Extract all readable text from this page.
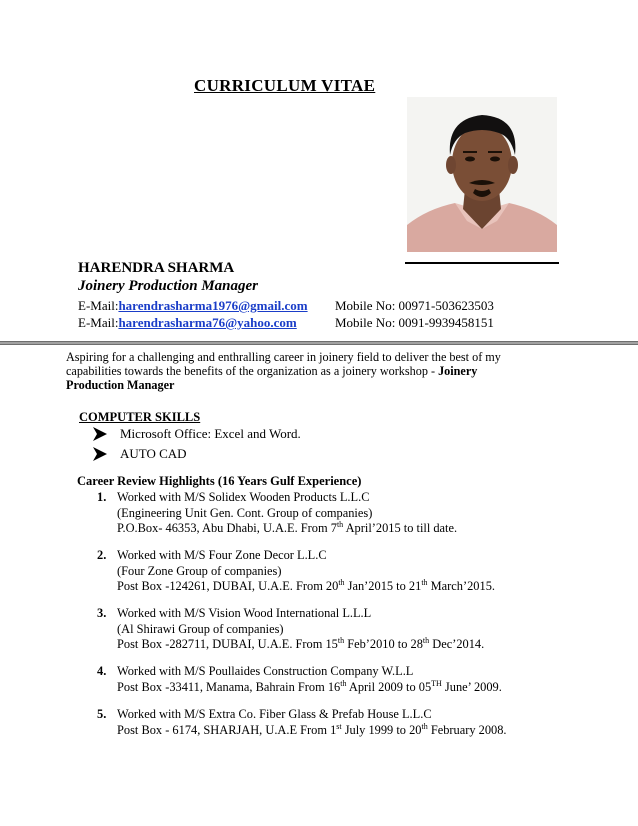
CURRICULUM VITAE
HARENDRA SHARMA
Joinery Production Manager
E-Mail:harendrasharma1976@gmail.com Mobile No: 00971-503623503
E-Mail:harendrasharma76@yahoo.com	Mobile No: 0091-9939458151
Aspiring for a challenging and enthralling career in joinery field to deliver the best of my capabilities towards the benefits of the organization as a joinery workshop - Joinery Production Manager
COMPUTER SKILLS
Microsoft Office: Excel and Word.
AUTO CAD
Career Review Highlights (16 Years Gulf Experience)
1. Worked with M/S Solidex Wooden Products L.L.C
(Engineering Unit Gen. Cont. Group of companies)
P.O.Box- 46353, Abu Dhabi, U.A.E. From 7th April’2015 to till date.
2. Worked with M/S Four Zone Decor L.L.C
(Four Zone Group of companies)
Post Box -124261, DUBAI, U.A.E. From 20th Jan’2015 to 21th March’2015.
3. Worked with M/S Vision Wood International L.L.L
(Al Shirawi Group of companies)
Post Box -282711, DUBAI, U.A.E. From 15th Feb’2010 to 28th Dec’2014.
4. Worked with M/S Poullaides Construction Company W.L.L
Post Box -33411, Manama, Bahrain From 16th April 2009 to 05TH June’ 2009.
5. Worked with M/S Extra Co. Fiber Glass & Prefab House L.L.C
Post Box - 6174, SHARJAH, U.A.E From 1st July 1999 to 20th February 2008.
